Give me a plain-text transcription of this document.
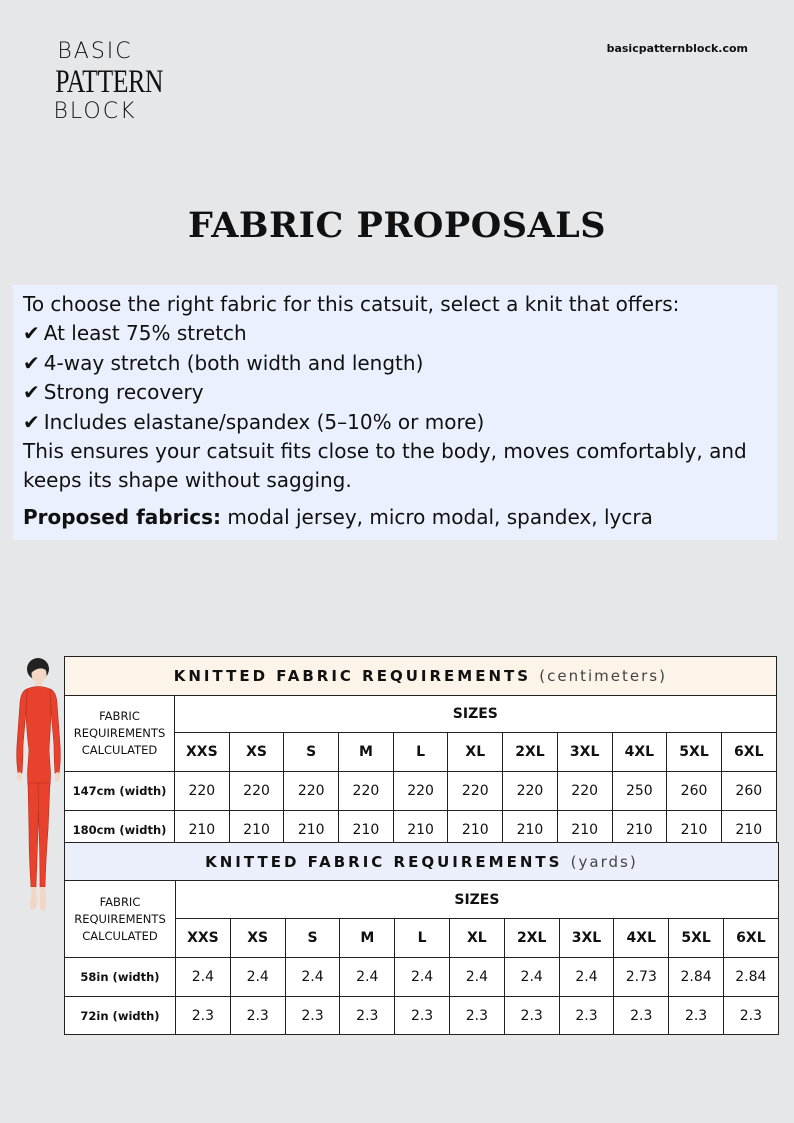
BASIC
PATTERN
BLOCK
basicpatternblock.com
FABRIC PROPOSALS

To choose the right fabric for this catsuit, select a knit that offers:

✔ At least 75% stretch

✔ 4-way stretch (both width and length)

✔ Strong recovery

✔ Includes elastane/spandex (5–10% or more)

This ensures your catsuit fits close to the body, moves comfortably, and keeps its shape without sagging.

Proposed fabrics: modal jersey, micro modal, spandex, lycra

KNITTED FABRIC REQUIREMENTS (centimeters)											
FABRIC
REQUIREMENTS
CALCULATED	SIZES										
	XXS	XS	S	M	L	XL	2XL	3XL	4XL	5XL	6XL
147cm (width)	220	220	220	220	220	220	220	220	250	260	260
180cm (width)	210	210	210	210	210	210	210	210	210	210	210
KNITTED FABRIC REQUIREMENTS (yards)											
FABRIC
REQUIREMENTS
CALCULATED	SIZES										
	XXS	XS	S	M	L	XL	2XL	3XL	4XL	5XL	6XL
58in (width)	2.4	2.4	2.4	2.4	2.4	2.4	2.4	2.4	2.73	2.84	2.84
72in (width)	2.3	2.3	2.3	2.3	2.3	2.3	2.3	2.3	2.3	2.3	2.3
